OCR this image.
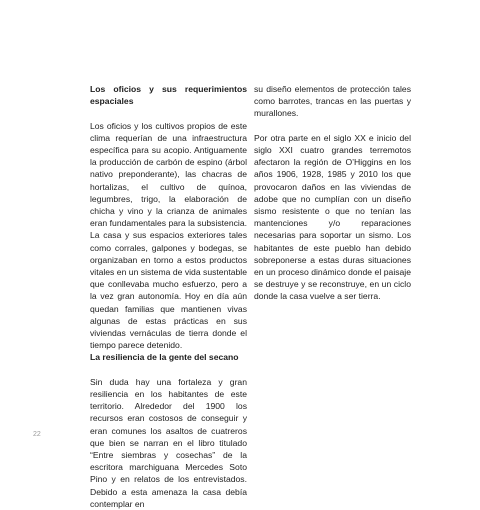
Los oficios y sus requerimientos espaciales

Los oficios y los cultivos propios de este clima requerían de una infraestructura específica para su acopio. Antiguamente la producción de carbón de espino (árbol nativo preponderante), las chacras de hortalizas, el cultivo de quínoa, legumbres, trigo, la elaboración de chicha y vino y la crianza de animales eran fundamentales para la subsistencia. La casa y sus espacios exteriores tales como corrales, galpones y bodegas, se organizaban en torno a estos productos vitales en un sistema de vida sustentable que conllevaba mucho esfuerzo, pero a la vez gran autonomía. Hoy en día aún quedan familias que mantienen vivas algunas de estas prácticas en sus viviendas vernáculas de tierra donde el tiempo parece detenido.

La resiliencia de la gente del secano

Sin duda hay una fortaleza y gran resiliencia en los habitantes de este territorio. Alrededor del 1900 los recursos eran costosos de conseguir y eran comunes los asaltos de cuatreros que bien se narran en el libro titulado “Entre siembras y cosechas” de la escritora marchiguana Mercedes Soto Pino y en relatos de los entrevistados. Debido a esta amenaza la casa debía contemplar en

su diseño elementos de protección tales como barrotes, trancas en las puertas y murallones.

Por otra parte en el siglo XX e inicio del siglo XXI cuatro grandes terremotos afectaron la región de O’Higgins en los años 1906, 1928, 1985 y 2010 los que provocaron daños en las viviendas de adobe que no cumplían con un diseño sismo resistente o que no tenían las mantenciones y/o reparaciones necesarias para soportar un sismo. Los habitantes de este pueblo han debido sobreponerse a estas duras situaciones en un proceso dinámico donde el paisaje se destruye y se reconstruye, en un ciclo donde la casa vuelve a ser tierra.

22
